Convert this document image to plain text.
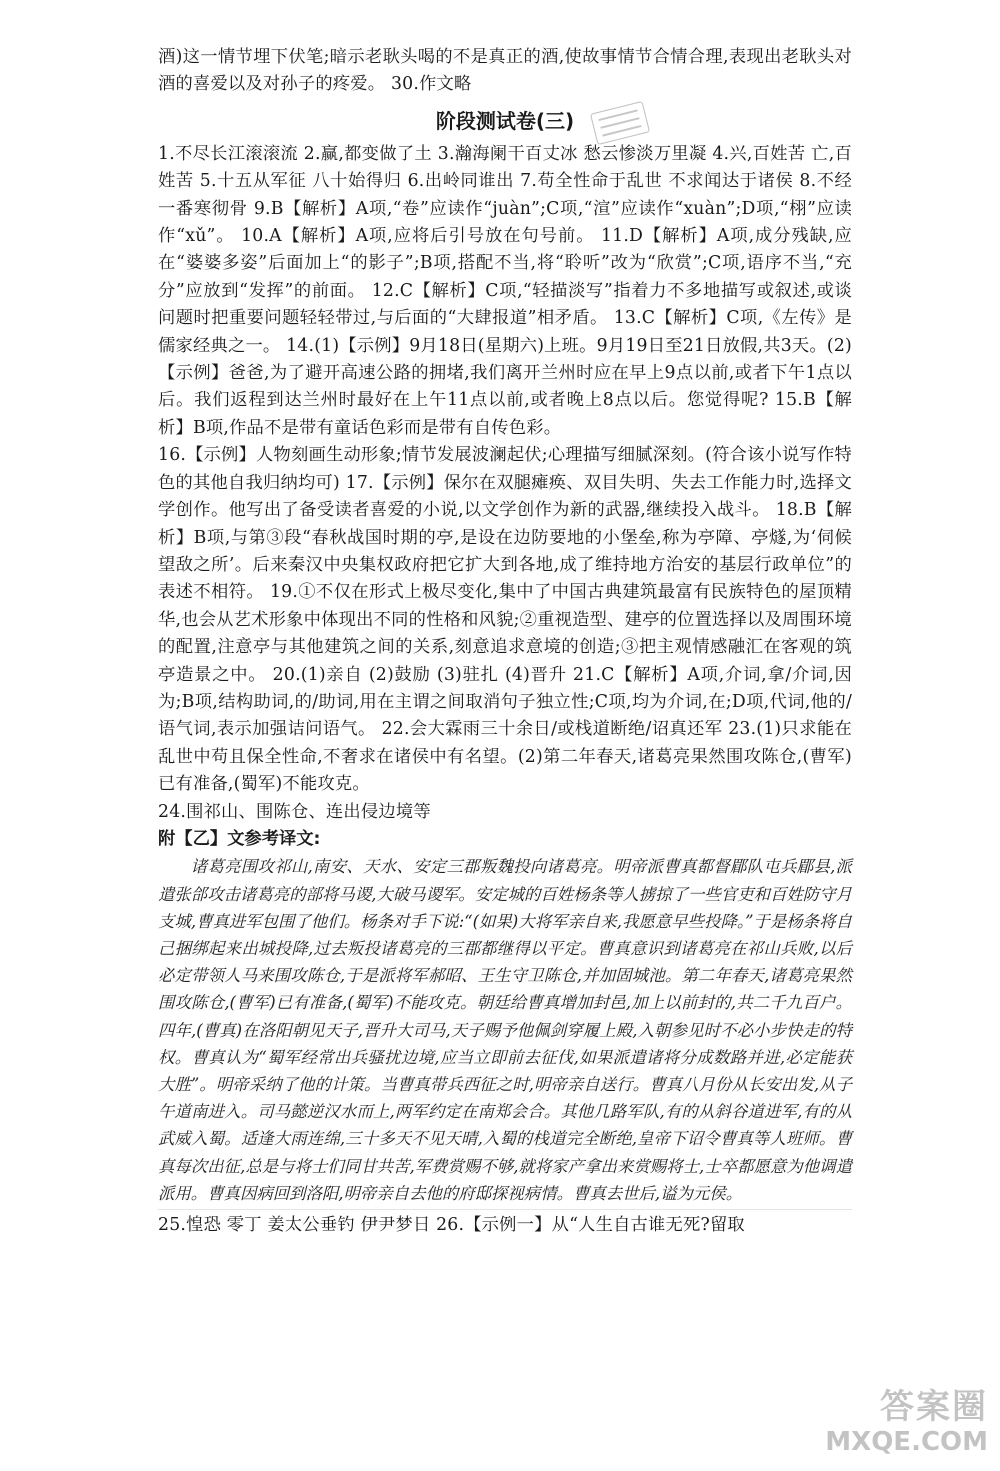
酒)这一情节埋下伏笔;暗示老耿头喝的不是真正的酒,使故事情节合情合理,表现出老耿头对酒的喜爱以及对孙子的疼爱。 30.作文略

阶段测试卷(三)

1.不尽长江滚滚流 2.赢,都变做了土 3.瀚海阑干百丈冰 愁云惨淡万里凝 4.兴,百姓苦 亡,百姓苦 5.十五从军征 八十始得归 6.出岭同谁出 7.苟全性命于乱世 不求闻达于诸侯 8.不经一番寒彻骨 9.B【解析】A项,“卷”应读作“juàn”;C项,“渲”应读作“xuàn”;D项,“栩”应读作“xǔ”。 10.A【解析】A项,应将后引号放在句号前。 11.D【解析】A项,成分残缺,应在“婆婆多姿”后面加上“的影子”;B项,搭配不当,将“聆听”改为“欣赏”;C项,语序不当,“充分”应放到“发挥”的前面。 12.C【解析】C项,“轻描淡写”指着力不多地描写或叙述,或谈问题时把重要问题轻轻带过,与后面的“大肆报道”相矛盾。 13.C【解析】C项,《左传》是儒家经典之一。 14.(1)【示例】9月18日(星期六)上班。9月19日至21日放假,共3天。(2)【示例】爸爸,为了避开高速公路的拥堵,我们离开兰州时应在早上9点以前,或者下午1点以后。我们返程到达兰州时最好在上午11点以前,或者晚上8点以后。您觉得呢? 15.B【解析】B项,作品不是带有童话色彩而是带有自传色彩。

16.【示例】人物刻画生动形象;情节发展波澜起伏;心理描写细腻深刻。(符合该小说写作特色的其他自我归纳均可) 17.【示例】保尔在双腿瘫痪、双目失明、失去工作能力时,选择文学创作。他写出了备受读者喜爱的小说,以文学创作为新的武器,继续投入战斗。 18.B【解析】B项,与第③段“春秋战国时期的亭,是设在边防要地的小堡垒,称为亭障、亭燧,为‘伺候望敌之所’。后来秦汉中央集权政府把它扩大到各地,成了维持地方治安的基层行政单位”的表述不相符。 19.①不仅在形式上极尽变化,集中了中国古典建筑最富有民族特色的屋顶精华,也会从艺术形象中体现出不同的性格和风貌;②重视造型、建亭的位置选择以及周围环境的配置,注意亭与其他建筑之间的关系,刻意追求意境的创造;③把主观情感融汇在客观的筑亭造景之中。 20.(1)亲自 (2)鼓励 (3)驻扎 (4)晋升 21.C【解析】A项,介词,拿/介词,因为;B项,结构助词,的/助词,用在主谓之间取消句子独立性;C项,均为介词,在;D项,代词,他的/语气词,表示加强诘问语气。 22.会大霖雨三十余日/或栈道断绝/诏真还军 23.(1)只求能在乱世中苟且保全性命,不奢求在诸侯中有名望。(2)第二年春天,诸葛亮果然围攻陈仓,(曹军)已有准备,(蜀军)不能攻克。

24.围祁山、围陈仓、连出侵边境等

附【乙】文参考译文:

诸葛亮围攻祁山,南安、天水、安定三郡叛魏投向诸葛亮。明帝派曹真都督郿队屯兵郿县,派遣张郃攻击诸葛亮的部将马谡,大破马谡军。安定城的百姓杨条等人掳掠了一些官吏和百姓防守月支城,曹真进军包围了他们。杨条对手下说:“(如果)大将军亲自来,我愿意早些投降。”于是杨条将自己捆绑起来出城投降,过去叛投诸葛亮的三郡都继得以平定。曹真意识到诸葛亮在祁山兵败,以后必定带领人马来围攻陈仓,于是派将军郝昭、王生守卫陈仓,并加固城池。第二年春天,诸葛亮果然围攻陈仓,(曹军)已有准备,(蜀军)不能攻克。朝廷给曹真增加封邑,加上以前封的,共二千九百户。四年,(曹真)在洛阳朝见天子,晋升大司马,天子赐予他佩剑穿履上殿,入朝参见时不必小步快走的特权。曹真认为“蜀军经常出兵骚扰边境,应当立即前去征伐,如果派遣诸将分成数路并进,必定能获大胜”。明帝采纳了他的计策。当曹真带兵西征之时,明帝亲自送行。曹真八月份从长安出发,从子午道南进入。司马懿逆汉水而上,两军约定在南郑会合。其他几路军队,有的从斜谷道进军,有的从武威入蜀。适逢大雨连绵,三十多天不见天晴,入蜀的栈道完全断绝,皇帝下诏令曹真等人班师。曹真每次出征,总是与将士们同甘共苦,军费赏赐不够,就将家产拿出来赏赐将士,士卒都愿意为他调遣派用。曹真因病回到洛阳,明帝亲自去他的府邸探视病情。曹真去世后,谥为元侯。

25.惶恐 零丁 姜太公垂钓 伊尹梦日 26.【示例一】从“人生自古谁无死?留取

答案圈
MXQE.COM
